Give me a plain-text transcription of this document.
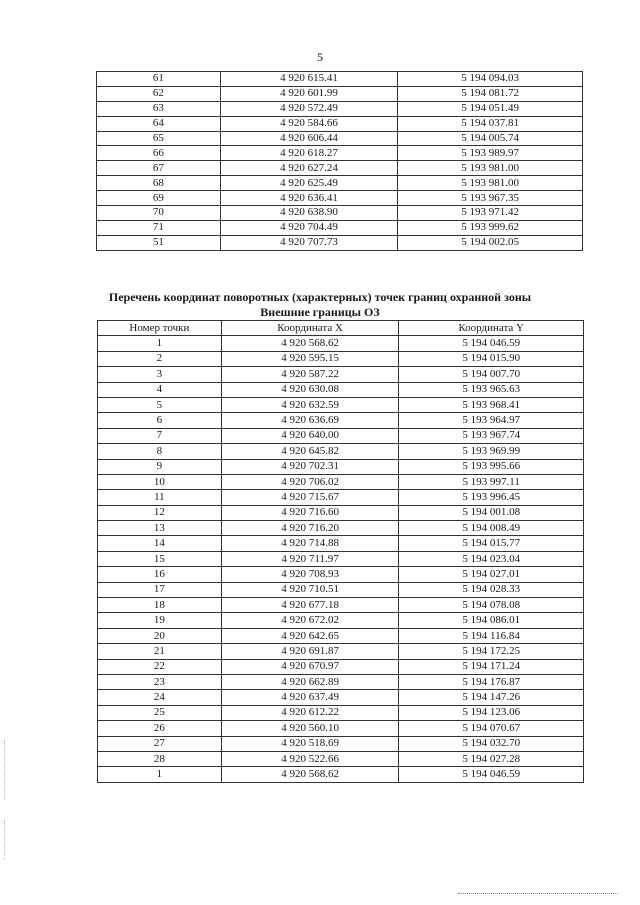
5
61	4 920 615.41	5 194 094.03
62	4 920 601.99	5 194 081.72
63	4 920 572.49	5 194 051.49
64	4 920 584.66	5 194 037.81
65	4 920 606.44	5 194 005.74
66	4 920 618.27	5 193 989.97
67	4 920 627.24	5 193 981.00
68	4 920 625.49	5 193 981.00
69	4 920 636.41	5 193 967.35
70	4 920 638.90	5 193 971.42
71	4 920 704.49	5 193 999.62
51	4 920 707.73	5 194 002.05
Перечень координат поворотных (характерных) точек границ охранной зоны
Внешние границы ОЗ
Номер точки	Координата X	Координата Y
1	4 920 568.62	5 194 046.59
2	4 920 595.15	5 194 015.90
3	4 920 587.22	5 194 007.70
4	4 920 630.08	5 193 965.63
5	4 920 632.59	5 193 968.41
6	4 920 636.69	5 193 964.97
7	4 920 640.00	5 193 967.74
8	4 920 645.82	5 193 969.99
9	4 920 702.31	5 193 995.66
10	4 920 706.02	5 193 997.11
11	4 920 715.67	5 193 996.45
12	4 920 716.60	5 194 001.08
13	4 920 716.20	5 194 008.49
14	4 920 714.88	5 194 015.77
15	4 920 711.97	5 194 023.04
16	4 920 708.93	5 194 027.01
17	4 920 710.51	5 194 028.33
18	4 920 677.18	5 194 078.08
19	4 920 672.02	5 194 086.01
20	4 920 642.65	5 194 116.84
21	4 920 691.87	5 194 172.25
22	4 920 670.97	5 194 171.24
23	4 920 662.89	5 194 176.87
24	4 920 637.49	5 194 147.26
25	4 920 612.22	5 194 123.06
26	4 920 560.10	5 194 070.67
27	4 920 518.69	5 194 032.70
28	4 920 522.66	5 194 027.28
1	4 920 568.62	5 194 046.59
